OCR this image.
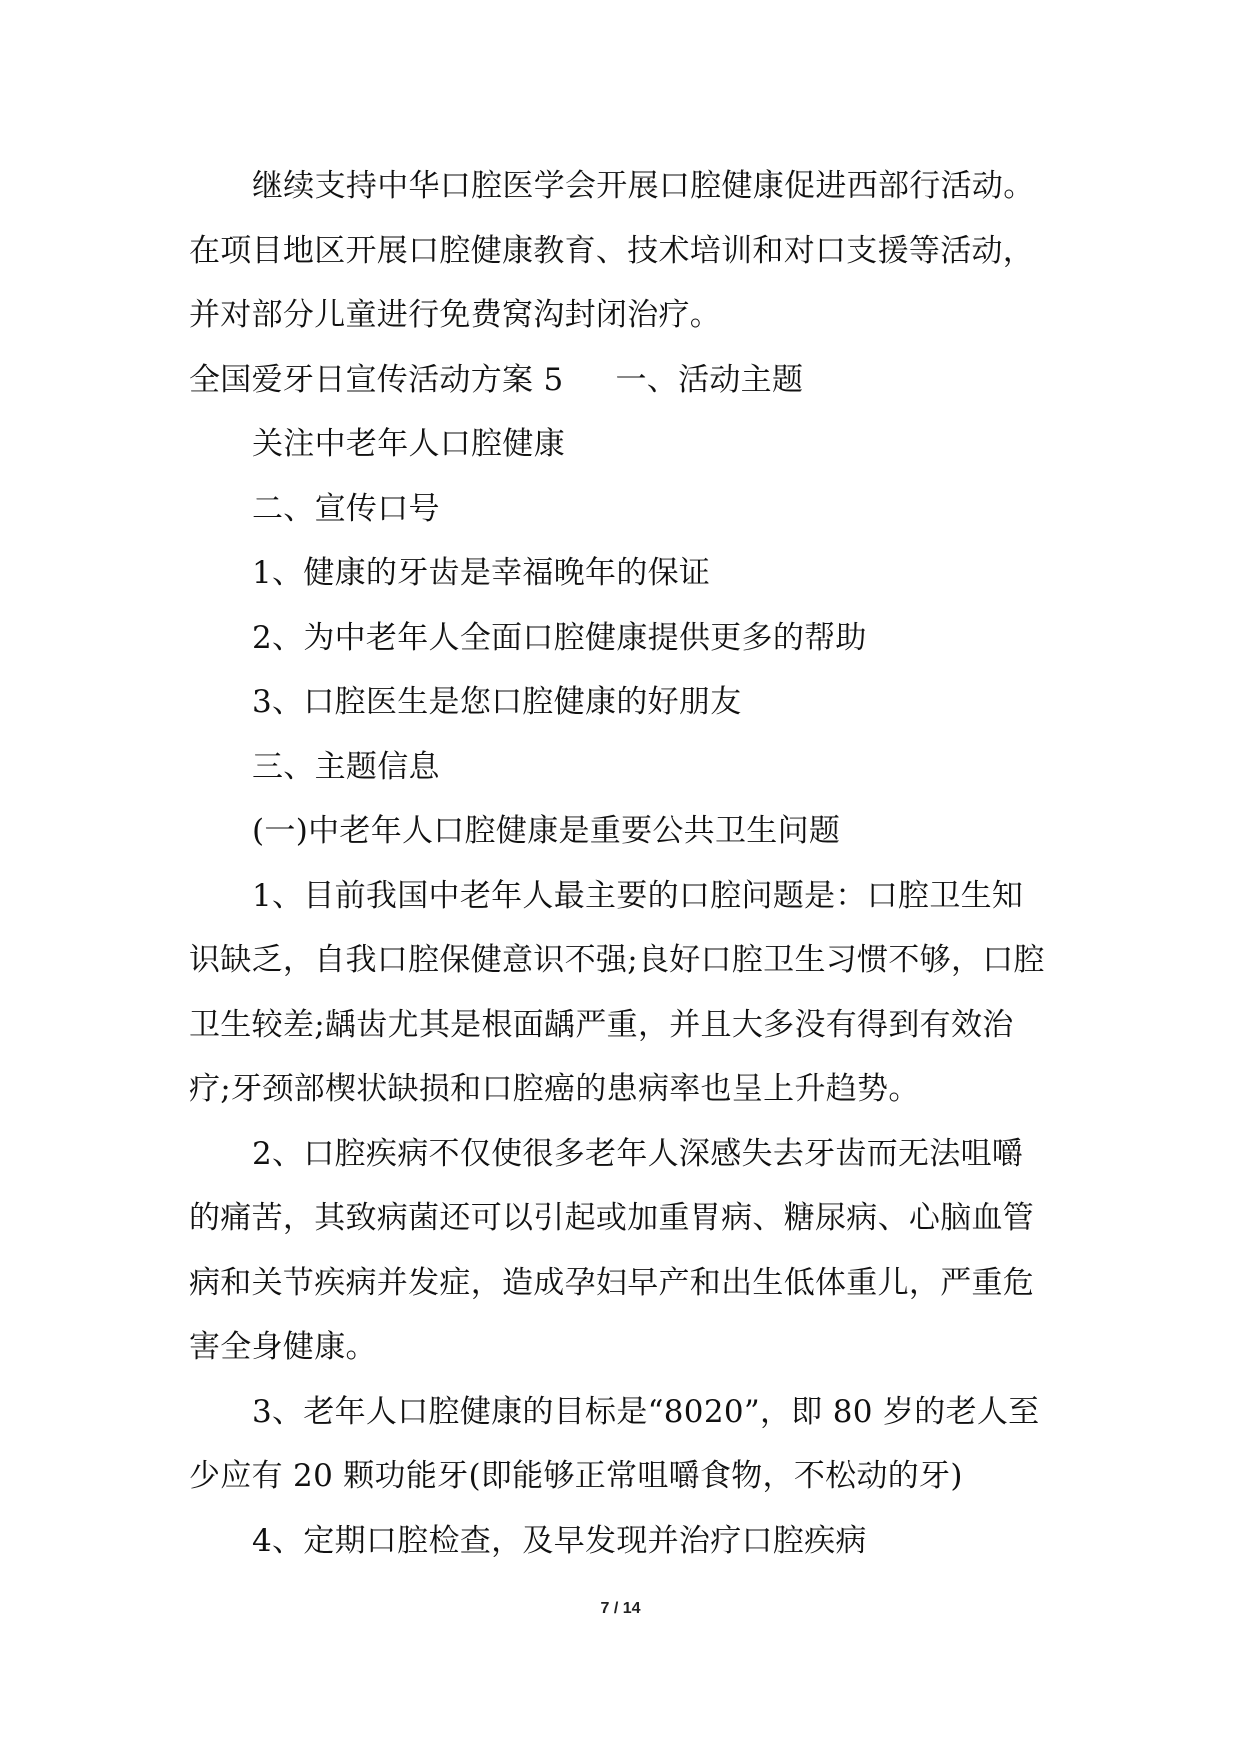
继续支持中华口腔医学会开展口腔健康促进西部行活动。在项目地区开展口腔健康教育、技术培训和对口支援等活动，并对部分儿童进行免费窝沟封闭治疗。

全国爱牙日宣传活动方案 5 一、活动主题

关注中老年人口腔健康

二、宣传口号

1、健康的牙齿是幸福晚年的保证

2、为中老年人全面口腔健康提供更多的帮助

3、口腔医生是您口腔健康的好朋友

三、主题信息

(一)中老年人口腔健康是重要公共卫生问题

1、目前我国中老年人最主要的口腔问题是：口腔卫生知识缺乏，自我口腔保健意识不强;良好口腔卫生习惯不够，口腔卫生较差;龋齿尤其是根面龋严重，并且大多没有得到有效治疗;牙颈部楔状缺损和口腔癌的患病率也呈上升趋势。

2、口腔疾病不仅使很多老年人深感失去牙齿而无法咀嚼的痛苦，其致病菌还可以引起或加重胃病、糖尿病、心脑血管病和关节疾病并发症，造成孕妇早产和出生低体重儿，严重危害全身健康。

3、老年人口腔健康的目标是“8020”，即 80 岁的老人至少应有 20 颗功能牙(即能够正常咀嚼食物，不松动的牙)

4、定期口腔检查，及早发现并治疗口腔疾病

7 / 14
